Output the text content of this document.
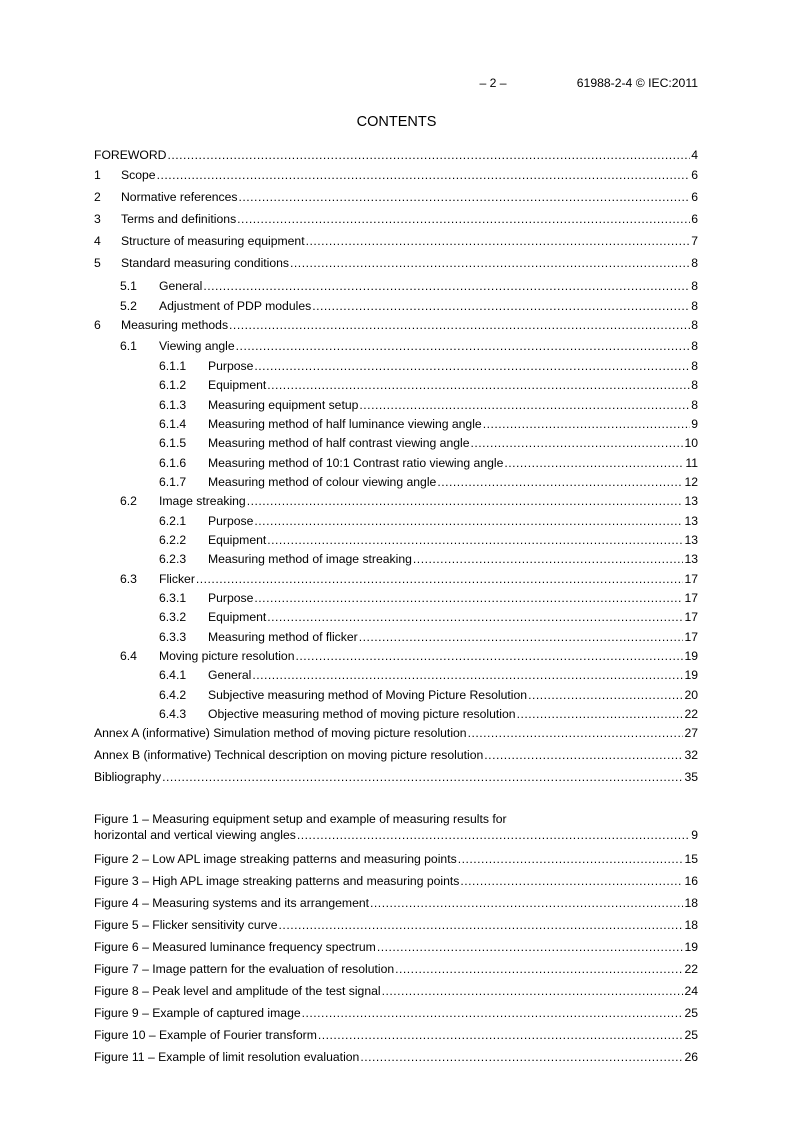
– 2 –	61988-2-4 © IEC:2011
CONTENTS
FOREWORD .....	4
1	Scope .....	6
2	Normative references .....	6
3	Terms and definitions .....	6
4	Structure of measuring equipment .....	7
5	Standard measuring conditions .....	8
5.1	General .....	8
5.2	Adjustment of PDP modules .....	8
6	Measuring methods .....	8
6.1	Viewing angle .....	8
6.1.1	Purpose .....	8
6.1.2	Equipment .....	8
6.1.3	Measuring equipment setup .....	8
6.1.4	Measuring method of half luminance viewing angle .....	9
6.1.5	Measuring method of half contrast viewing angle .....	10
6.1.6	Measuring method of 10:1 Contrast ratio viewing angle .....	11
6.1.7	Measuring method of colour viewing angle .....	12
6.2	Image streaking .....	13
6.2.1	Purpose .....	13
6.2.2	Equipment .....	13
6.2.3	Measuring method of image streaking .....	13
6.3	Flicker .....	17
6.3.1	Purpose .....	17
6.3.2	Equipment .....	17
6.3.3	Measuring method of flicker .....	17
6.4	Moving picture resolution .....	19
6.4.1	General .....	19
6.4.2	Subjective measuring method of Moving Picture Resolution .....	20
6.4.3	Objective measuring method of moving picture resolution .....	22
Annex A (informative) Simulation method of moving picture resolution .....	27
Annex B (informative) Technical description on moving picture resolution .....	32
Bibliography .....	35
Figure 1 – Measuring equipment setup and example of measuring results for
horizontal and vertical viewing angles .....	9
Figure 2 – Low APL image streaking patterns and measuring points .....	15
Figure 3 – High APL image streaking patterns and measuring points .....	16
Figure 4 – Measuring systems and its arrangement .....	18
Figure 5 – Flicker sensitivity curve .....	18
Figure 6 – Measured luminance frequency spectrum .....	19
Figure 7 – Image pattern for the evaluation of resolution .....	22
Figure 8 – Peak level and amplitude of the test signal .....	24
Figure 9 – Example of captured image .....	25
Figure 10 – Example of Fourier transform .....	25
Figure 11 – Example of limit resolution evaluation .....	26
